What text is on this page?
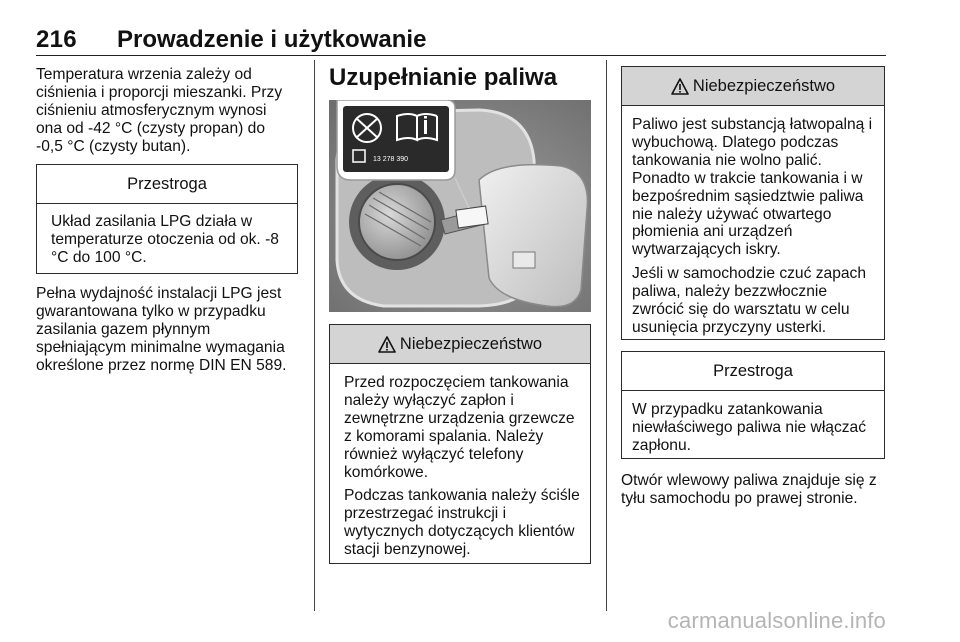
216 Prowadzenie i użytkowanie

Temperatura wrzenia zależy od ciśnienia i proporcji mieszanki. Przy ciśnieniu atmosferycznym wynosi ona od -42 °C (czysty propan) do -0,5 °C (czysty butan).

Przestroga

Układ zasilania LPG działa w temperaturze otoczenia od ok. -8 °C do 100 °C.

Pełna wydajność instalacji LPG jest gwarantowana tylko w przypadku zasilania gazem płynnym spełniającym minimalne wymagania określone przez normę DIN EN 589.

Uzupełnianie paliwa
13 278 390
Niebezpieczeństwo

Przed rozpoczęciem tankowania należy wyłączyć zapłon i zewnętrzne urządzenia grzewcze z komorami spalania. Należy również wyłączyć telefony komórkowe.

Podczas tankowania należy ściśle przestrzegać instrukcji i wytycznych dotyczących klientów stacji benzynowej.

Niebezpieczeństwo

Paliwo jest substancją łatwopalną i wybuchową. Dlatego podczas tankowania nie wolno palić. Ponadto w trakcie tankowania i w bezpośrednim sąsiedztwie paliwa nie należy używać otwartego płomienia ani urządzeń wytwarzających iskry.

Jeśli w samochodzie czuć zapach paliwa, należy bezzwłocznie zwrócić się do warsztatu w celu usunięcia przyczyny usterki.

Przestroga

W przypadku zatankowania niewłaściwego paliwa nie włączać zapłonu.

Otwór wlewowy paliwa znajduje się z tyłu samochodu po prawej stronie.

carmanualsonline.info
